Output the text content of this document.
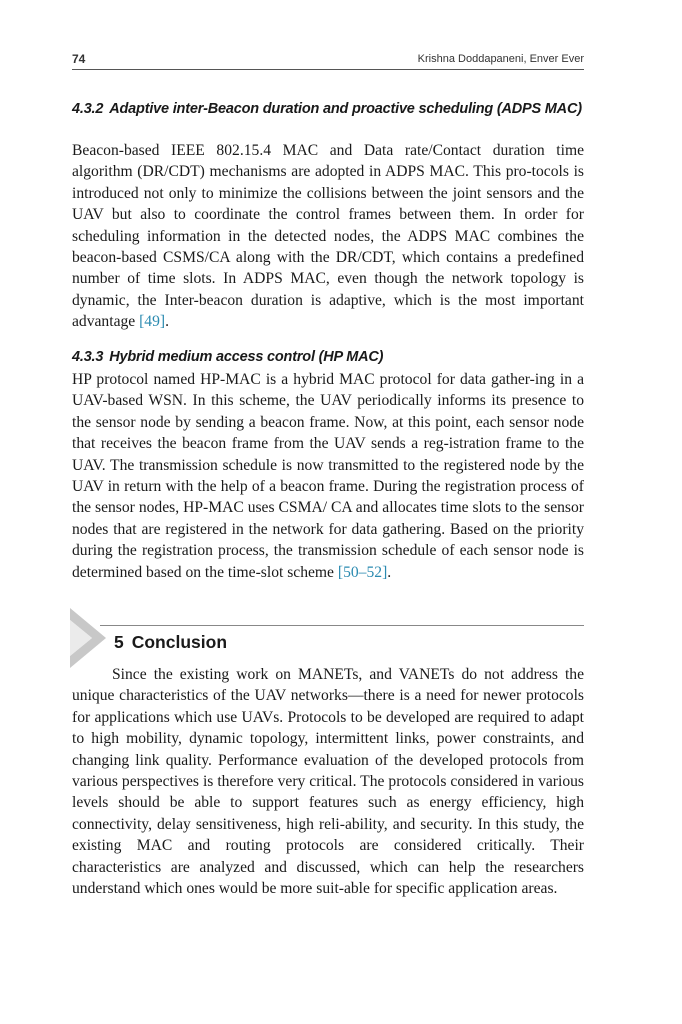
74	Krishna Doddapaneni, Enver Ever
4.3.2 Adaptive inter-Beacon duration and proactive scheduling (ADPS MAC)
Beacon-based IEEE 802.15.4 MAC and Data rate/Contact duration time algorithm (DR/CDT) mechanisms are adopted in ADPS MAC. This pro-tocols is introduced not only to minimize the collisions between the joint sensors and the UAV but also to coordinate the control frames between them. In order for scheduling information in the detected nodes, the ADPS MAC combines the beacon-based CSMS/CA along with the DR/CDT, which contains a predefined number of time slots. In ADPS MAC, even though the network topology is dynamic, the Inter-beacon duration is adaptive, which is the most important advantage [49].
4.3.3 Hybrid medium access control (HP MAC)
HP protocol named HP-MAC is a hybrid MAC protocol for data gather-ing in a UAV-based WSN. In this scheme, the UAV periodically informs its presence to the sensor node by sending a beacon frame. Now, at this point, each sensor node that receives the beacon frame from the UAV sends a reg-istration frame to the UAV. The transmission schedule is now transmitted to the registered node by the UAV in return with the help of a beacon frame. During the registration process of the sensor nodes, HP-MAC uses CSMA/ CA and allocates time slots to the sensor nodes that are registered in the network for data gathering. Based on the priority during the registration process, the transmission schedule of each sensor node is determined based on the time-slot scheme [50–52].
5 Conclusion
Since the existing work on MANETs, and VANETs do not address the unique characteristics of the UAV networks—there is a need for newer protocols for applications which use UAVs. Protocols to be developed are required to adapt to high mobility, dynamic topology, intermittent links, power constraints, and changing link quality. Performance evaluation of the developed protocols from various perspectives is therefore very critical. The protocols considered in various levels should be able to support features such as energy efficiency, high connectivity, delay sensitiveness, high reli-ability, and security. In this study, the existing MAC and routing protocols are considered critically. Their characteristics are analyzed and discussed, which can help the researchers understand which ones would be more suit-able for specific application areas.
